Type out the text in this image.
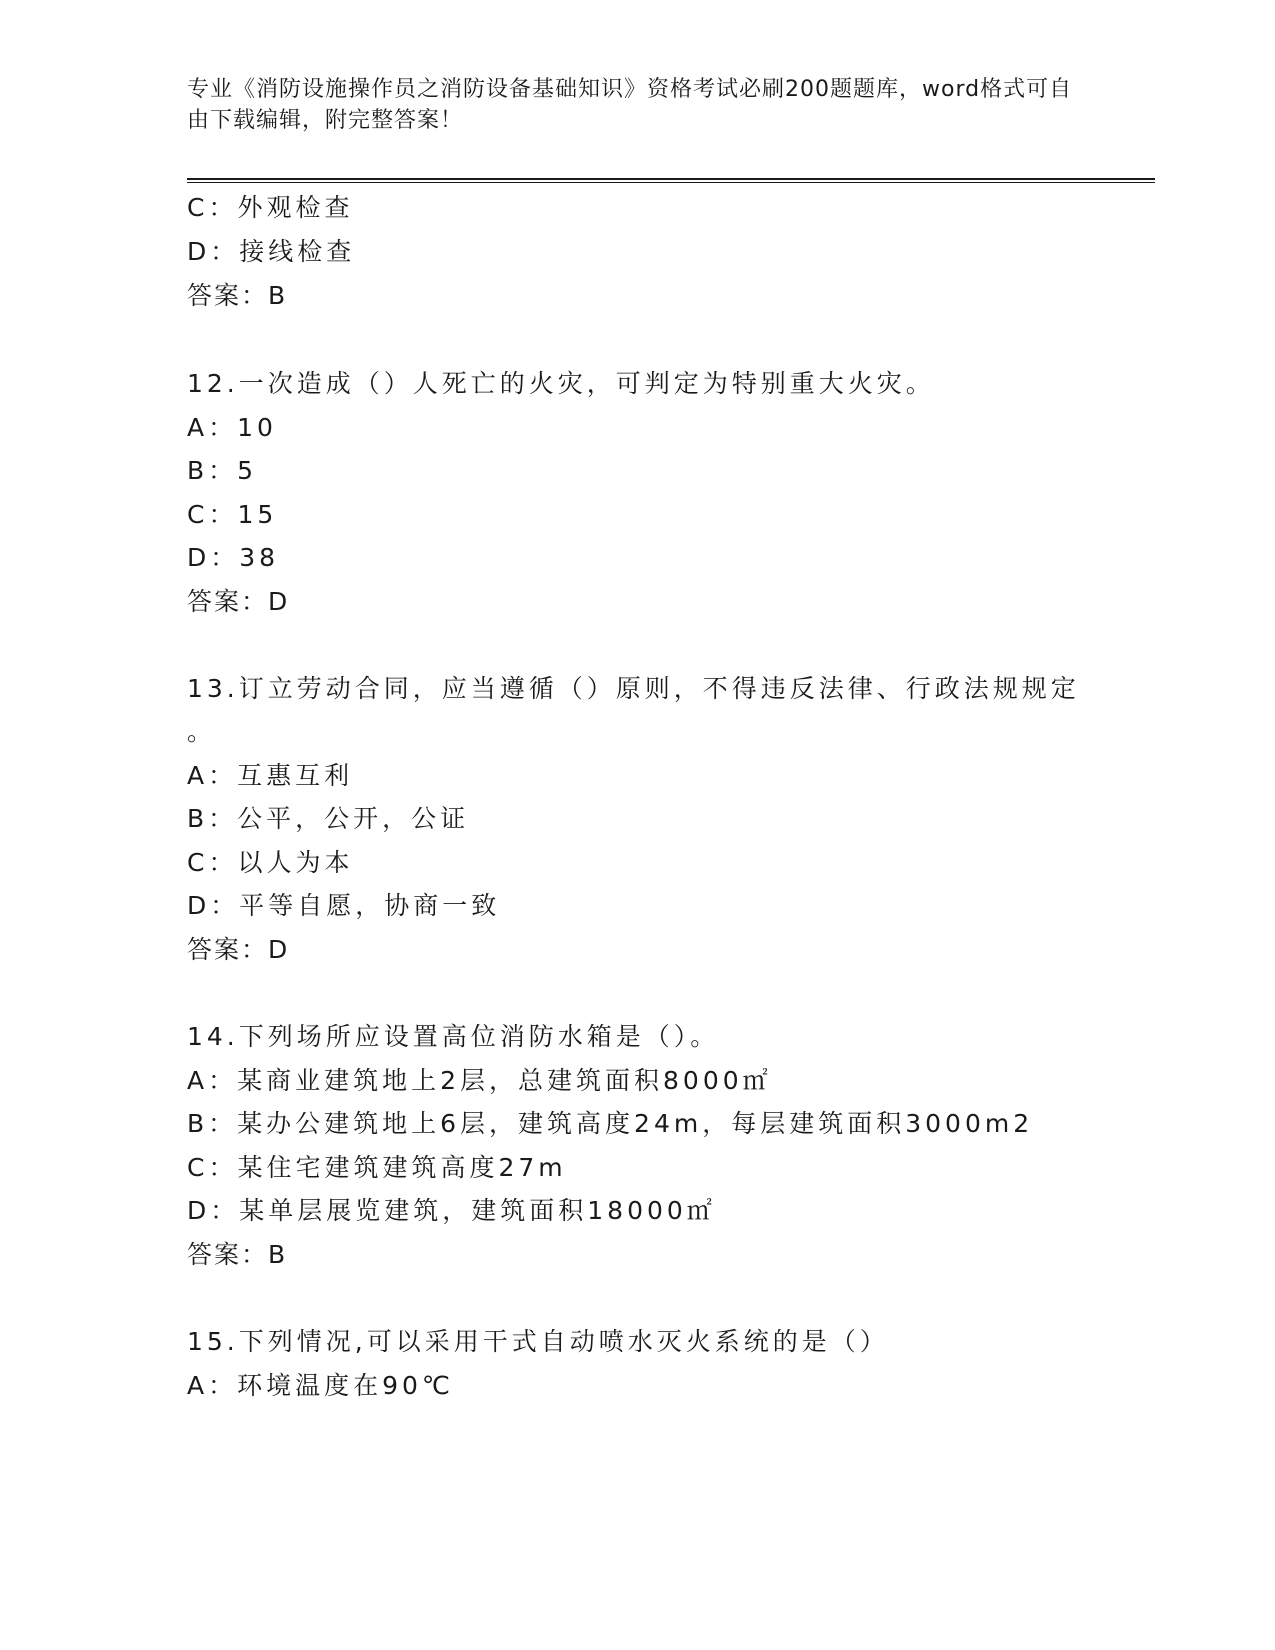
专业《消防设施操作员之消防设备基础知识》资格考试必刷200题题库，word格式可自由下载编辑，附完整答案！
C：外观检查
D：接线检查
答案：B
12.一次造成（）人死亡的火灾，可判定为特别重大火灾。
A：10
B：5
C：15
D：38
答案：D
13.订立劳动合同，应当遵循（）原则，不得违反法律、行政法规规定
。
A：互惠互利
B：公平，公开，公证
C：以人为本
D：平等自愿，协商一致
答案：D
14.下列场所应设置高位消防水箱是（）。
A：某商业建筑地上2层，总建筑面积8000㎡
B：某办公建筑地上6层，建筑高度24m，每层建筑面积3000m2
C：某住宅建筑建筑高度27m
D：某单层展览建筑，建筑面积18000㎡
答案：B
15.下列情况,可以采用干式自动喷水灭火系统的是（）
A：环境温度在90℃
